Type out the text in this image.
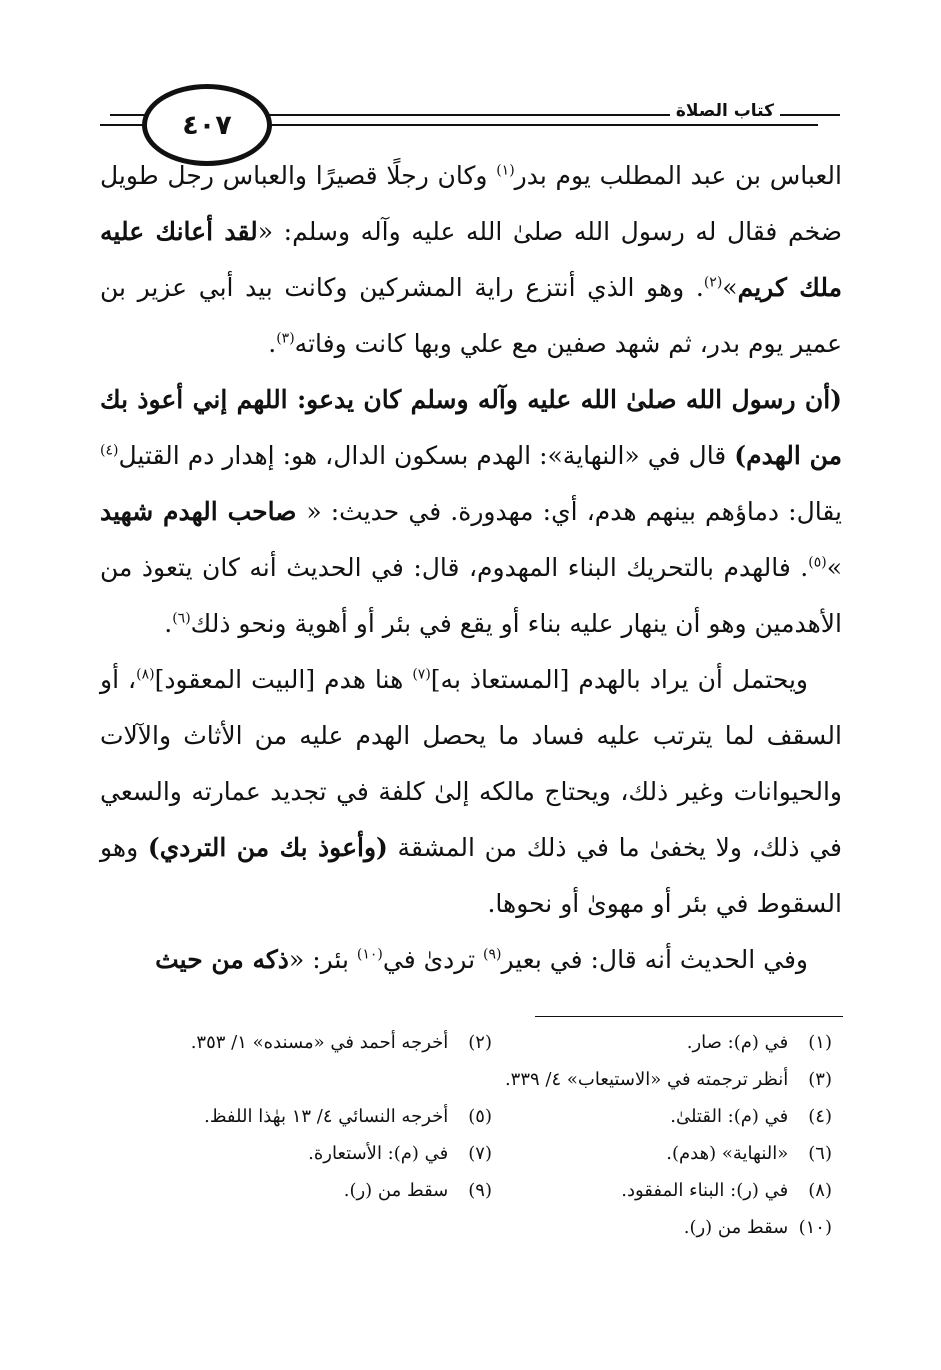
٤٠٧	كتاب الصلاة

العباس بن عبد المطلب يوم بدر$^{(١)}$ وكان رجلًا قصيرًا والعباس رجل طويل ضخم فقال له رسول الله صلىٰ الله عليه وآله وسلم: «لقد أعانك عليه ملك كريم»$^{(٢)}$. وهو الذي أنتزع راية المشركين وكانت بيد أبي عزير بن عمير يوم بدر، ثم شهد صفين مع علي وبها كانت وفاته$^{(٣)}$.

(أن رسول الله صلىٰ الله عليه وآله وسلم كان يدعو: اللهم إني أعوذ بك من الهدم) قال في «النهاية»: الهدم بسكون الدال، هو: إهدار دم القتيل$^{(٤)}$ يقال: دماؤهم بينهم هدم، أي: مهدورة. في حديث: « صاحب الهدم شهيد »$^{(٥)}$. فالهدم بالتحريك البناء المهدوم، قال: في الحديث أنه كان يتعوذ من الأهدمين وهو أن ينهار عليه بناء أو يقع في بئر أو أهوية ونحو ذلك$^{(٦)}$.

ويحتمل أن يراد بالهدم [المستعاذ به]$^{(٧)}$ هنا هدم [البيت المعقود]$^{(٨)}$، أو السقف لما يترتب عليه فساد ما يحصل الهدم عليه من الأثاث والآلات والحيوانات وغير ذلك، ويحتاج مالكه إلىٰ كلفة في تجديد عمارته والسعي في ذلك، ولا يخفىٰ ما في ذلك من المشقة (وأعوذ بك من التردي) وهو السقوط في بئر أو مهوىٰ أو نحوها.

وفي الحديث أنه قال: في بعير$^{(٩)}$ تردىٰ في$^{(١٠)}$ بئر: «ذكه من حيث

(١) في (م): صار.
(٢) أخرجه أحمد في «مسنده» ١/ ٣٥٣.
(٣) أنظر ترجمته في «الاستيعاب» ٤/ ٣٣٩.
(٤) في (م): القتلىٰ.
(٥) أخرجه النسائي ٤/ ١٣ بهٰذا اللفظ.
(٦) «النهاية» (هدم).
(٧) في (م): الأستعارة.
(٨) في (ر): البناء المفقود.
(٩) سقط من (ر).
(١٠) سقط من (ر).
